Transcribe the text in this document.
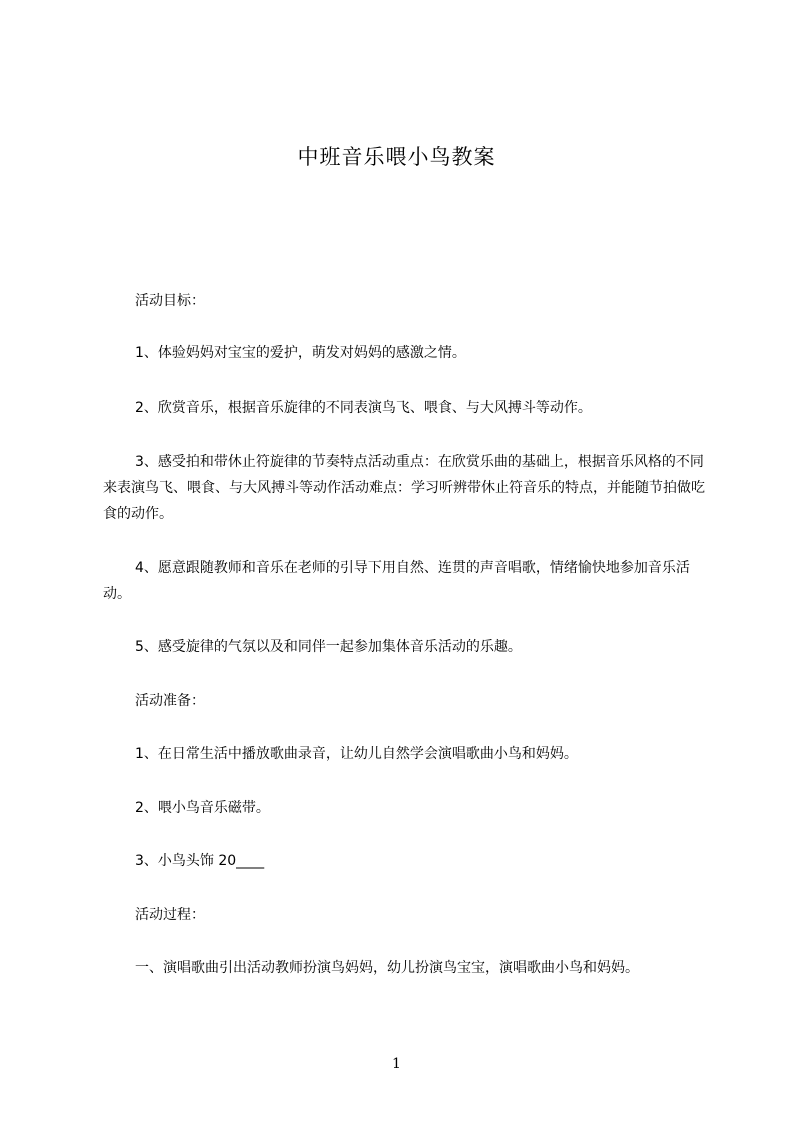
中班音乐喂小鸟教案
活动目标：
1、体验妈妈对宝宝的爱护，萌发对妈妈的感激之情。
2、欣赏音乐，根据音乐旋律的不同表演鸟飞、喂食、与大风搏斗等动作。
3、感受拍和带休止符旋律的节奏特点活动重点：在欣赏乐曲的基础上，根据音乐风格的不同来表演鸟飞、喂食、与大风搏斗等动作活动难点：学习听辨带休止符音乐的特点，并能随节拍做吃食的动作。
4、愿意跟随教师和音乐在老师的引导下用自然、连贯的声音唱歌，情绪愉快地参加音乐活动。
5、感受旋律的气氛以及和同伴一起参加集体音乐活动的乐趣。
活动准备：
1、在日常生活中播放歌曲录音，让幼儿自然学会演唱歌曲小鸟和妈妈。
2、喂小鸟音乐磁带。
3、小鸟头饰 20____
活动过程：
一、演唱歌曲引出活动教师扮演鸟妈妈，幼儿扮演鸟宝宝，演唱歌曲小鸟和妈妈。
1
